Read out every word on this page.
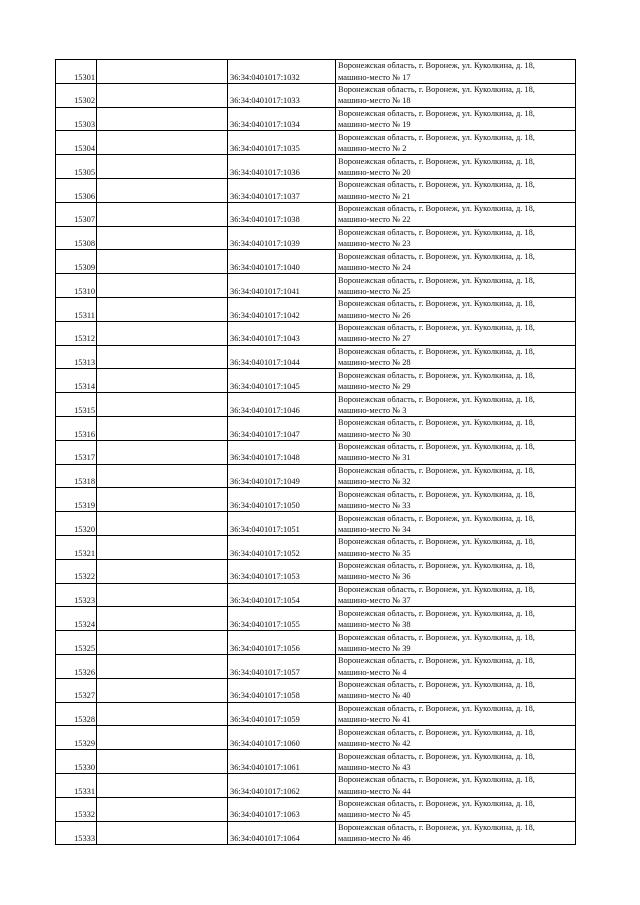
15301		36:34:0401017:1032	Воронежская область, г. Воронеж, ул. Куколкина, д. 18,
машино-место № 17

15302		36:34:0401017:1033	Воронежская область, г. Воронеж, ул. Куколкина, д. 18,
машино-место № 18

15303		36:34:0401017:1034	Воронежская область, г. Воронеж, ул. Куколкина, д. 18,
машино-место № 19

15304		36:34:0401017:1035	Воронежская область, г. Воронеж, ул. Куколкина, д. 18,
машино-место № 2

15305		36:34:0401017:1036	Воронежская область, г. Воронеж, ул. Куколкина, д. 18,
машино-место № 20

15306		36:34:0401017:1037	Воронежская область, г. Воронеж, ул. Куколкина, д. 18,
машино-место № 21

15307		36:34:0401017:1038	Воронежская область, г. Воронеж, ул. Куколкина, д. 18,
машино-место № 22

15308		36:34:0401017:1039	Воронежская область, г. Воронеж, ул. Куколкина, д. 18,
машино-место № 23

15309		36:34:0401017:1040	Воронежская область, г. Воронеж, ул. Куколкина, д. 18,
машино-место № 24

15310		36:34:0401017:1041	Воронежская область, г. Воронеж, ул. Куколкина, д. 18,
машино-место № 25

15311		36:34:0401017:1042	Воронежская область, г. Воронеж, ул. Куколкина, д. 18,
машино-место № 26

15312		36:34:0401017:1043	Воронежская область, г. Воронеж, ул. Куколкина, д. 18,
машино-место № 27

15313		36:34:0401017:1044	Воронежская область, г. Воронеж, ул. Куколкина, д. 18,
машино-место № 28

15314		36:34:0401017:1045	Воронежская область, г. Воронеж, ул. Куколкина, д. 18,
машино-место № 29

15315		36:34:0401017:1046	Воронежская область, г. Воронеж, ул. Куколкина, д. 18,
машино-место № 3

15316		36:34:0401017:1047	Воронежская область, г. Воронеж, ул. Куколкина, д. 18,
машино-место № 30

15317		36:34:0401017:1048	Воронежская область, г. Воронеж, ул. Куколкина, д. 18,
машино-место № 31

15318		36:34:0401017:1049	Воронежская область, г. Воронеж, ул. Куколкина, д. 18,
машино-место № 32

15319		36:34:0401017:1050	Воронежская область, г. Воронеж, ул. Куколкина, д. 18,
машино-место № 33

15320		36:34:0401017:1051	Воронежская область, г. Воронеж, ул. Куколкина, д. 18,
машино-место № 34

15321		36:34:0401017:1052	Воронежская область, г. Воронеж, ул. Куколкина, д. 18,
машино-место № 35

15322		36:34:0401017:1053	Воронежская область, г. Воронеж, ул. Куколкина, д. 18,
машино-место № 36

15323		36:34:0401017:1054	Воронежская область, г. Воронеж, ул. Куколкина, д. 18,
машино-место № 37

15324		36:34:0401017:1055	Воронежская область, г. Воронеж, ул. Куколкина, д. 18,
машино-место № 38

15325		36:34:0401017:1056	Воронежская область, г. Воронеж, ул. Куколкина, д. 18,
машино-место № 39

15326		36:34:0401017:1057	Воронежская область, г. Воронеж, ул. Куколкина, д. 18,
машино-место № 4

15327		36:34:0401017:1058	Воронежская область, г. Воронеж, ул. Куколкина, д. 18,
машино-место № 40

15328		36:34:0401017:1059	Воронежская область, г. Воронеж, ул. Куколкина, д. 18,
машино-место № 41

15329		36:34:0401017:1060	Воронежская область, г. Воронеж, ул. Куколкина, д. 18,
машино-место № 42

15330		36:34:0401017:1061	Воронежская область, г. Воронеж, ул. Куколкина, д. 18,
машино-место № 43

15331		36:34:0401017:1062	Воронежская область, г. Воронеж, ул. Куколкина, д. 18,
машино-место № 44

15332		36:34:0401017:1063	Воронежская область, г. Воронеж, ул. Куколкина, д. 18,
машино-место № 45

15333		36:34:0401017:1064	Воронежская область, г. Воронеж, ул. Куколкина, д. 18,
машино-место № 46
